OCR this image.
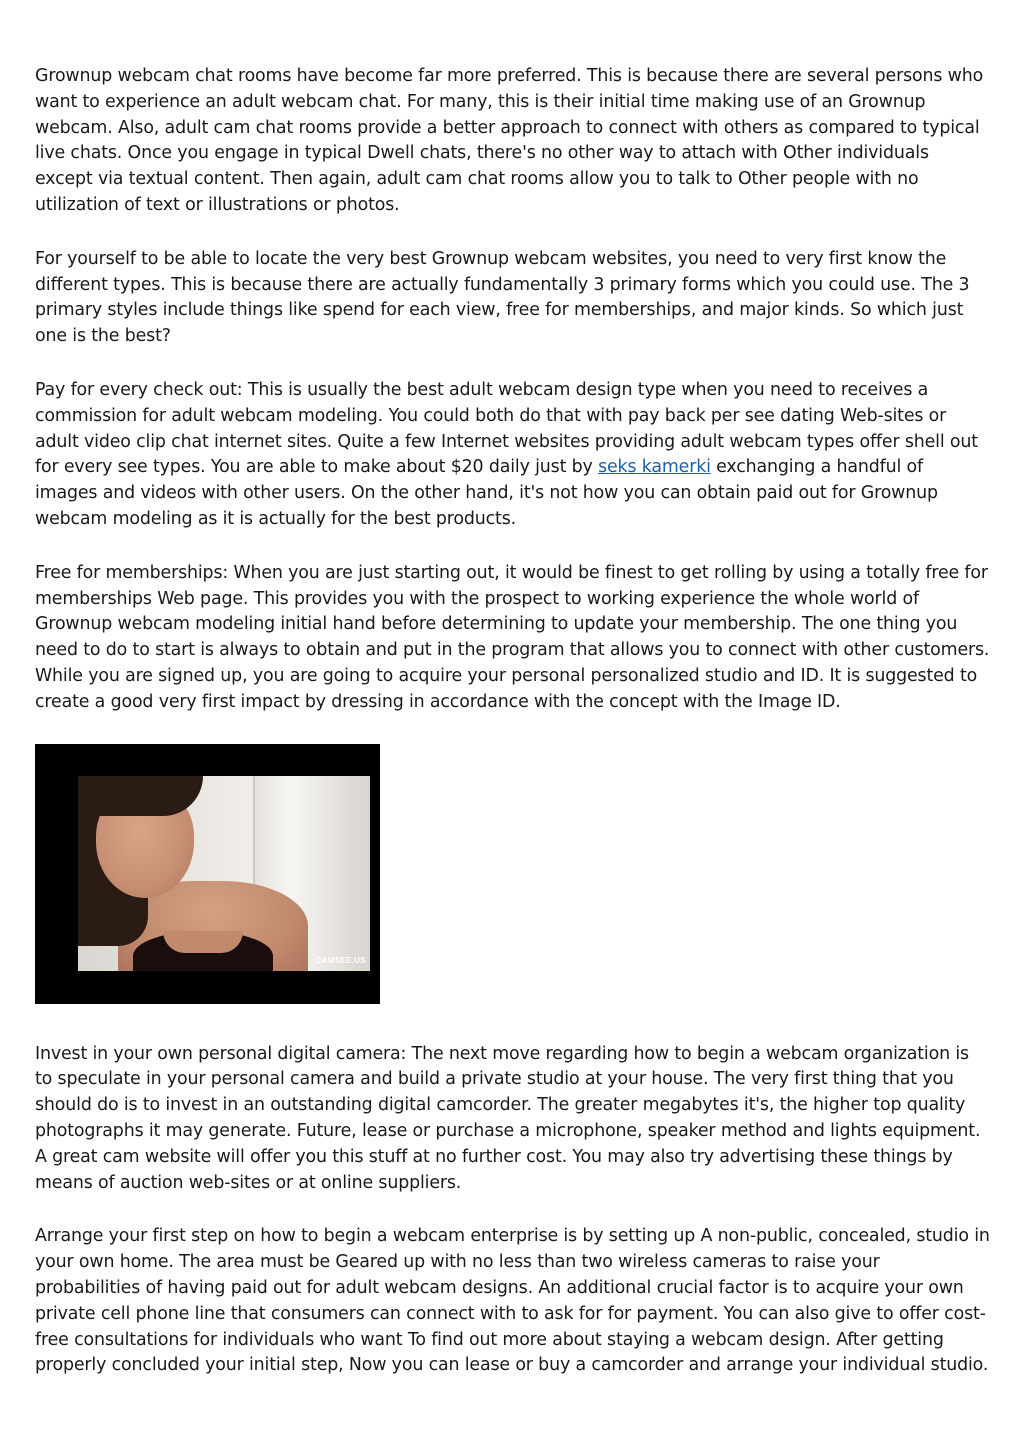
Grownup webcam chat rooms have become far more preferred. This is because there are several persons who want to experience an adult webcam chat. For many, this is their initial time making use of an Grownup webcam. Also, adult cam chat rooms provide a better approach to connect with others as compared to typical live chats. Once you engage in typical Dwell chats, there's no other way to attach with Other individuals except via textual content. Then again, adult cam chat rooms allow you to talk to Other people with no utilization of text or illustrations or photos.

For yourself to be able to locate the very best Grownup webcam websites, you need to very first know the different types. This is because there are actually fundamentally 3 primary forms which you could use. The 3 primary styles include things like spend for each view, free for memberships, and major kinds. So which just one is the best?

Pay for every check out: This is usually the best adult webcam design type when you need to receives a commission for adult webcam modeling. You could both do that with pay back per see dating Web-sites or adult video clip chat internet sites. Quite a few Internet websites providing adult webcam types offer shell out for every see types. You are able to make about $20 daily just by seks kamerki exchanging a handful of images and videos with other users. On the other hand, it's not how you can obtain paid out for Grownup webcam modeling as it is actually for the best products.

Free for memberships: When you are just starting out, it would be finest to get rolling by using a totally free for memberships Web page. This provides you with the prospect to working experience the whole world of Grownup webcam modeling initial hand before determining to update your membership. The one thing you need to do to start is always to obtain and put in the program that allows you to connect with other customers. While you are signed up, you are going to acquire your personal personalized studio and ID. It is suggested to create a good very first impact by dressing in accordance with the concept with the Image ID.

CAMSEE.US

Invest in your own personal digital camera: The next move regarding how to begin a webcam organization is to speculate in your personal camera and build a private studio at your house. The very first thing that you should do is to invest in an outstanding digital camcorder. The greater megabytes it's, the higher top quality photographs it may generate. Future, lease or purchase a microphone, speaker method and lights equipment. A great cam website will offer you this stuff at no further cost. You may also try advertising these things by means of auction web-sites or at online suppliers.

Arrange your first step on how to begin a webcam enterprise is by setting up A non-public, concealed, studio in your own home. The area must be Geared up with no less than two wireless cameras to raise your probabilities of having paid out for adult webcam designs. An additional crucial factor is to acquire your own private cell phone line that consumers can connect with to ask for for payment. You can also give to offer cost-free consultations for individuals who want To find out more about staying a webcam design. After getting properly concluded your initial step, Now you can lease or buy a camcorder and arrange your individual studio.
